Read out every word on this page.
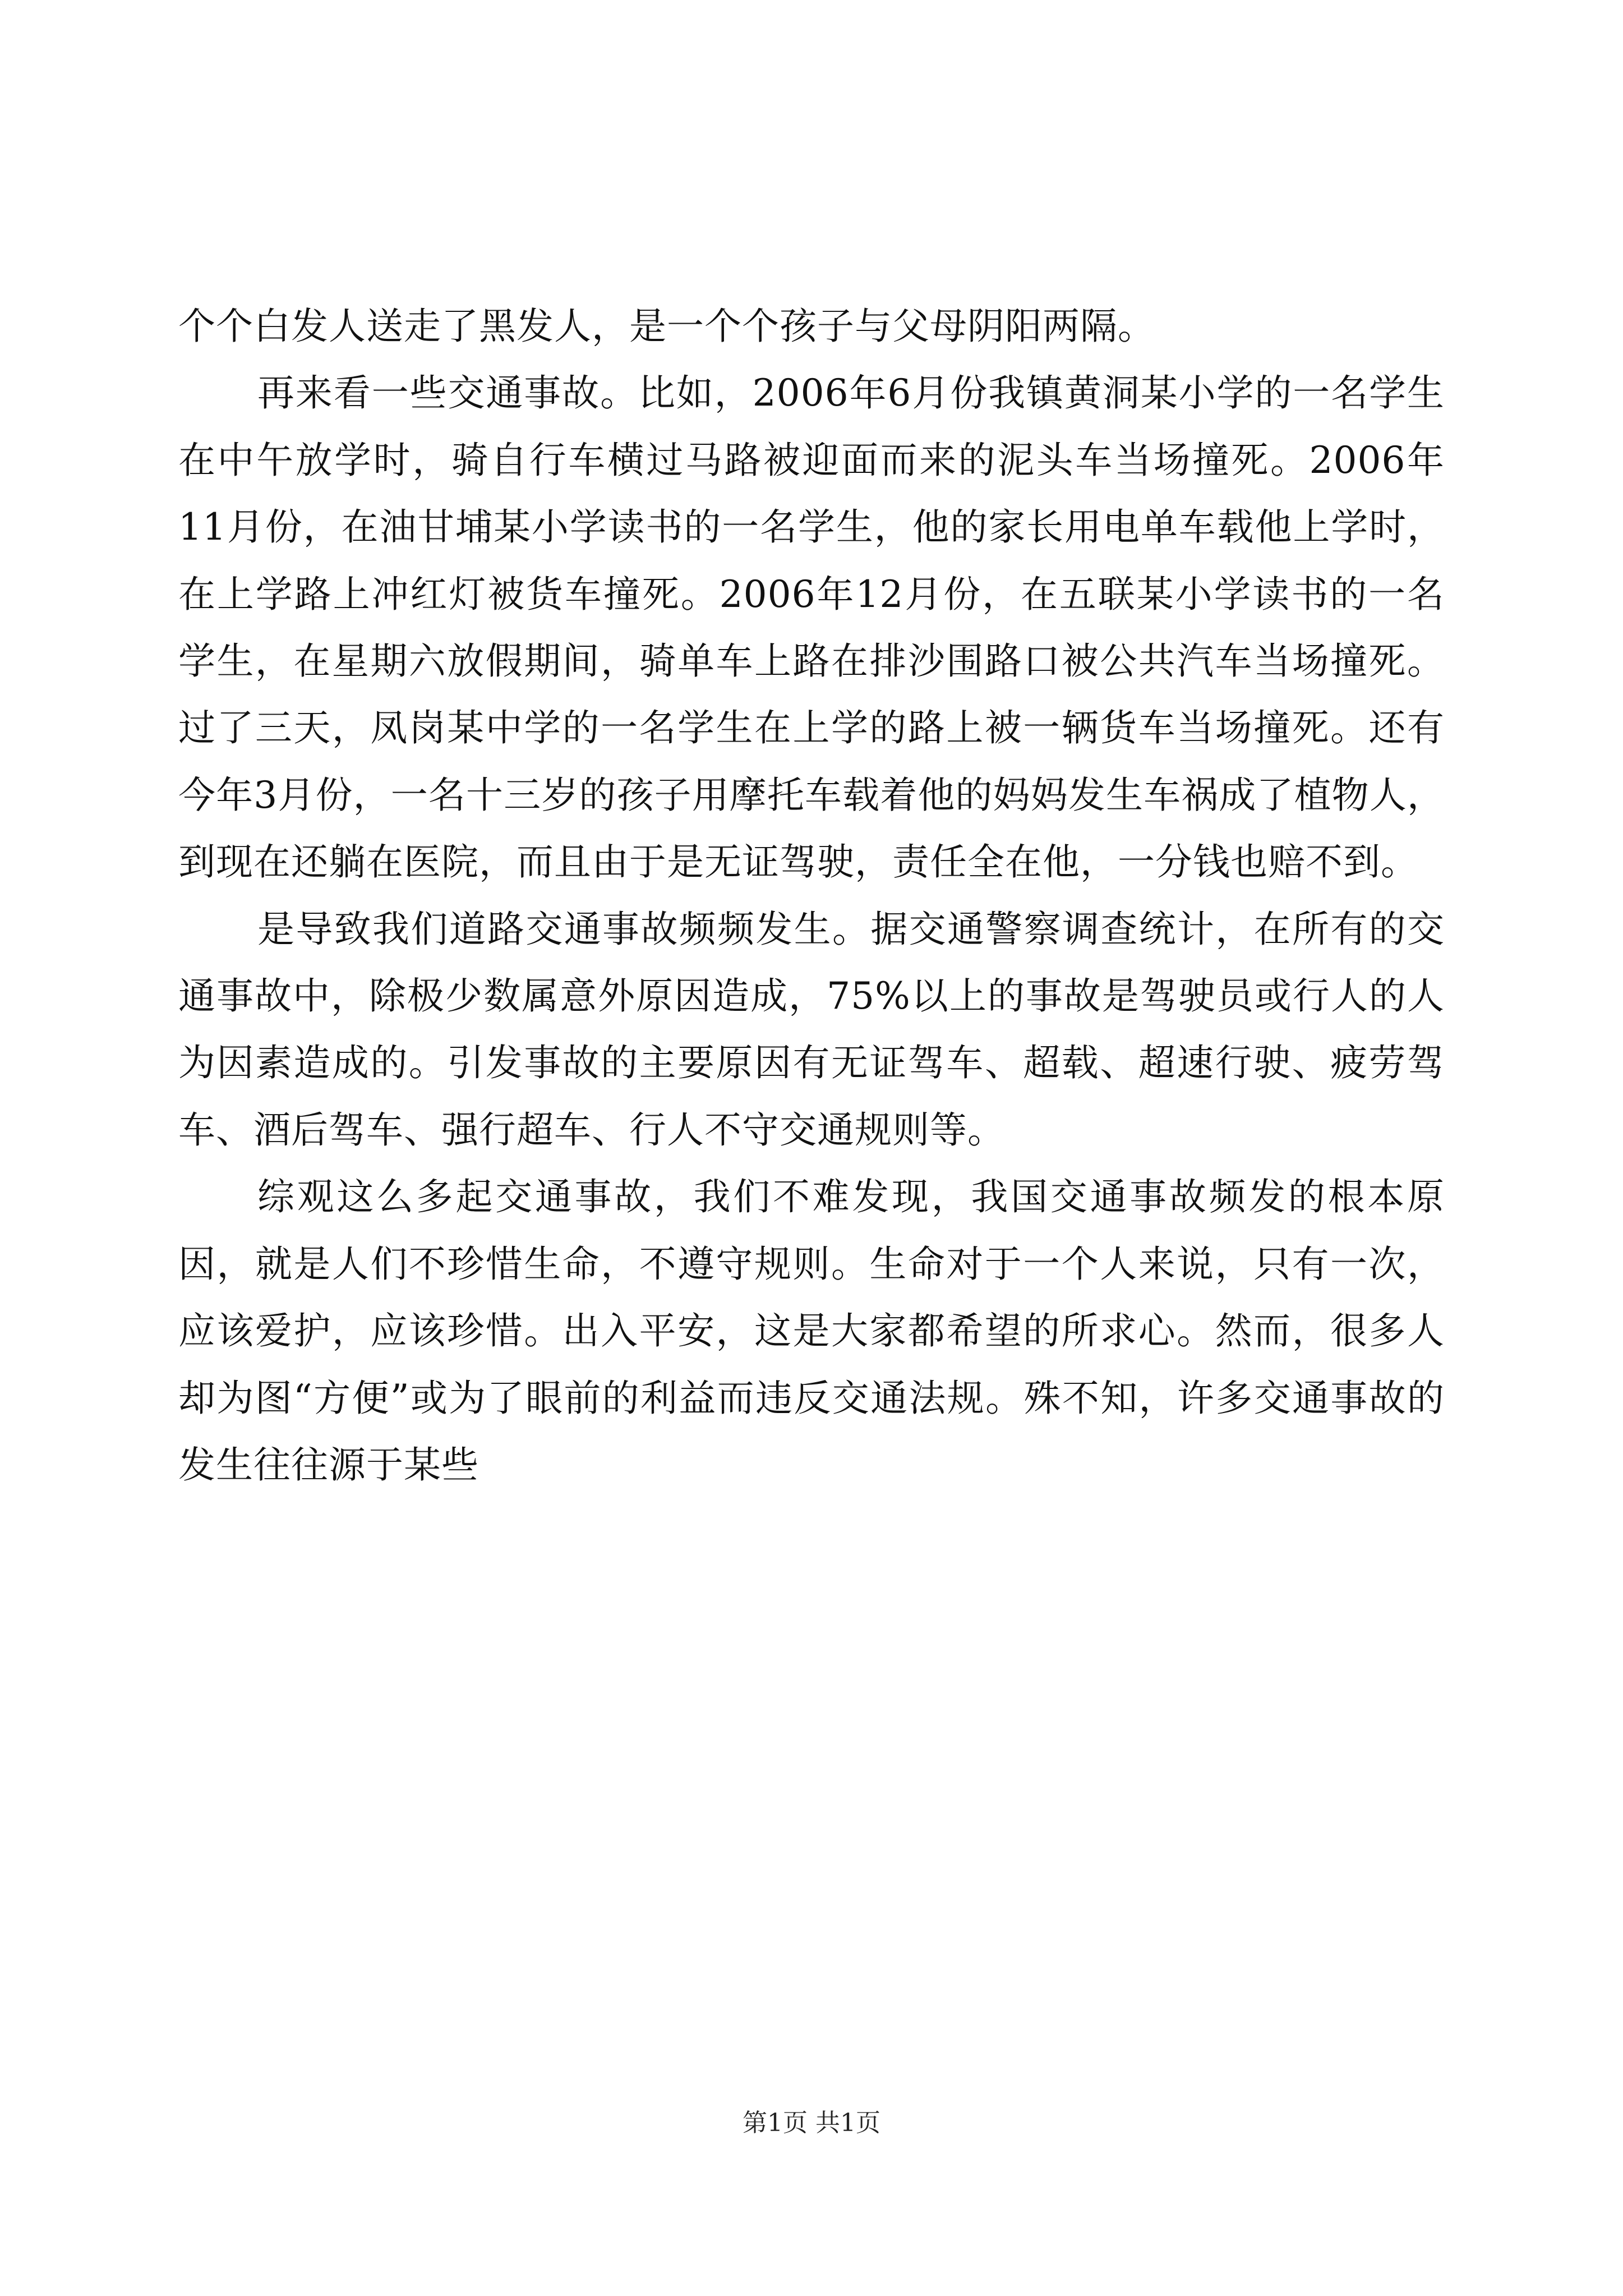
个个白发人送走了黑发人，是一个个孩子与父母阴阳两隔。

再来看一些交通事故。比如，2006年6月份我镇黄洞某小学的一名学生在中午放学时，骑自行车横过马路被迎面而来的泥头车当场撞死。2006年11月份，在油甘埔某小学读书的一名学生，他的家长用电单车载他上学时，在上学路上冲红灯被货车撞死。2006年12月份，在五联某小学读书的一名学生，在星期六放假期间，骑单车上路在排沙围路口被公共汽车当场撞死。过了三天，凤岗某中学的一名学生在上学的路上被一辆货车当场撞死。还有今年3月份，一名十三岁的孩子用摩托车载着他的妈妈发生车祸成了植物人，到现在还躺在医院，而且由于是无证驾驶，责任全在他，一分钱也赔不到。

是导致我们道路交通事故频频发生。据交通警察调查统计，在所有的交通事故中，除极少数属意外原因造成，75%以上的事故是驾驶员或行人的人为因素造成的。引发事故的主要原因有无证驾车、超载、超速行驶、疲劳驾车、酒后驾车、强行超车、行人不守交通规则等。

综观这么多起交通事故，我们不难发现，我国交通事故频发的根本原因，就是人们不珍惜生命，不遵守规则。生命对于一个人来说，只有一次，应该爱护，应该珍惜。出入平安，这是大家都希望的所求心。然而，很多人却为图“方便”或为了眼前的利益而违反交通法规。殊不知，许多交通事故的发生往往源于某些

第1页 共1页
